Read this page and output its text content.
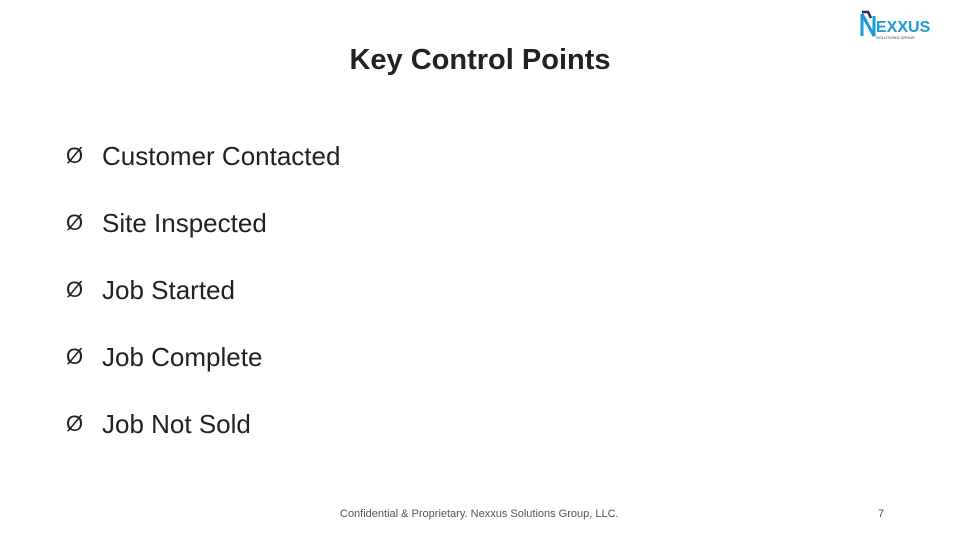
EXXUS
SOLUTIONS GROUP
Key Control Points
Ø Customer Contacted
Ø Site Inspected
Ø Job Started
Ø Job Complete
Ø Job Not Sold
Confidential & Proprietary. Nexxus Solutions Group, LLC.	7
